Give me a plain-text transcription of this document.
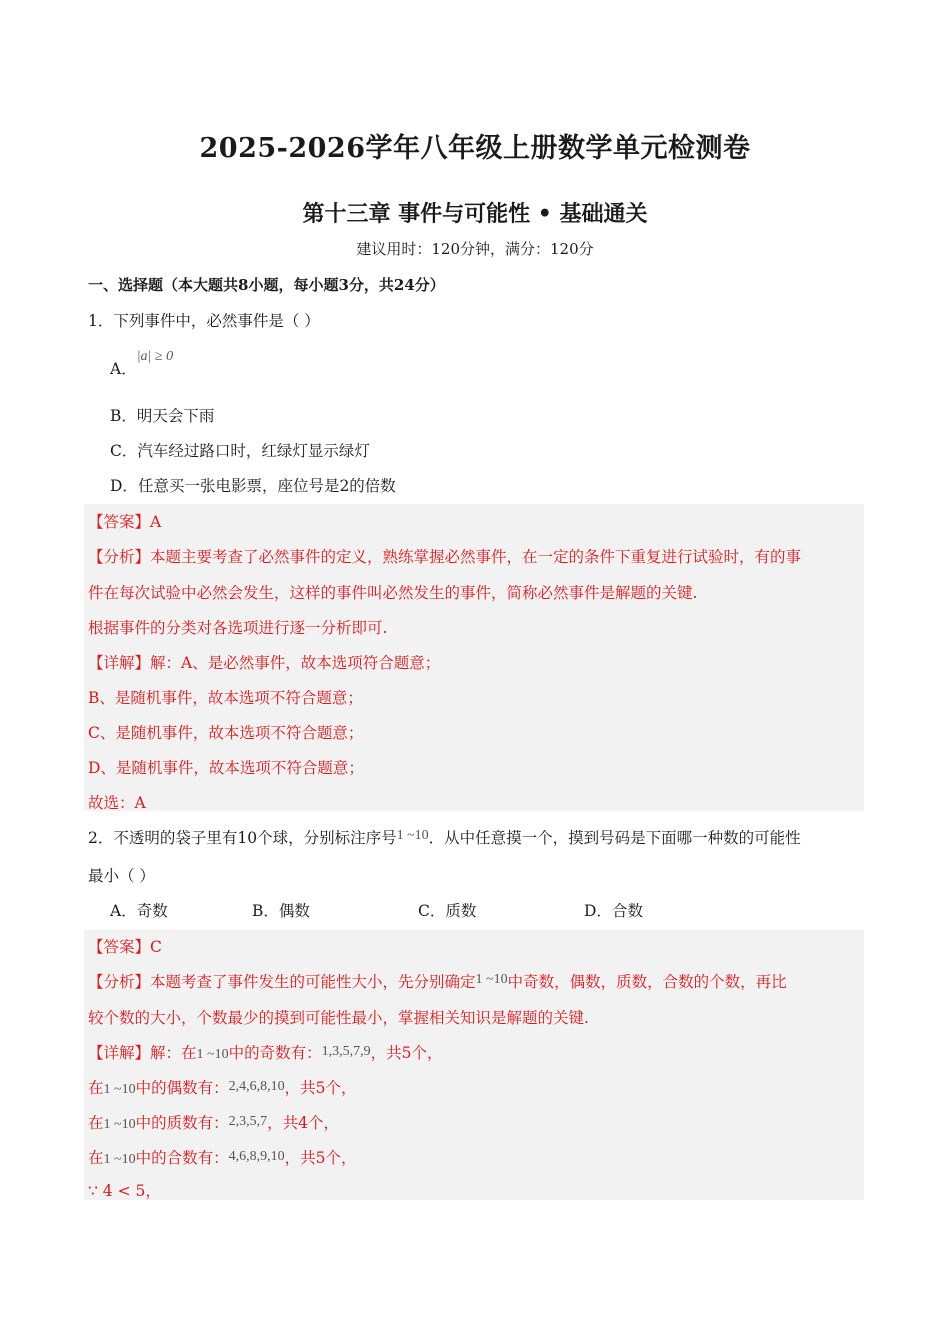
2025-2026学年八年级上册数学单元检测卷
第十三章 事件与可能性 • 基础通关
建议用时：120分钟，满分：120分
一、选择题（本大题共8小题，每小题3分，共24分）
1．下列事件中，必然事件是（ ）
A．|a| ≥ 0
B．明天会下雨
C．汽车经过路口时，红绿灯显示绿灯
D．任意买一张电影票，座位号是2的倍数
【答案】A
【分析】本题主要考查了必然事件的定义，熟练掌握必然事件，在一定的条件下重复进行试验时，有的事
件在每次试验中必然会发生，这样的事件叫必然发生的事件，简称必然事件是解题的关键.
根据事件的分类对各选项进行逐一分析即可.
【详解】解：A、是必然事件，故本选项符合题意；
B、是随机事件，故本选项不符合题意；
C、是随机事件，故本选项不符合题意；
D、是随机事件，故本选项不符合题意；
故选：A
2．不透明的袋子里有10个球，分别标注序号1 ~10．从中任意摸一个，摸到号码是下面哪一种数的可能性
最小（ ）
A．奇数	B．偶数	C．质数	D．合数
【答案】C
【分析】本题考查了事件发生的可能性大小，先分别确定1 ~10中奇数，偶数，质数，合数的个数，再比
较个数的大小，个数最少的摸到可能性最小，掌握相关知识是解题的关键.
【详解】解：在1 ~10中的奇数有：1,3,5,7,9，共5个，
在1 ~10中的偶数有：2,4,6,8,10，共5个，
在1 ~10中的质数有：2,3,5,7，共4个，
在1 ~10中的合数有：4,6,8,9,10，共5个，
∵ 4 < 5，
